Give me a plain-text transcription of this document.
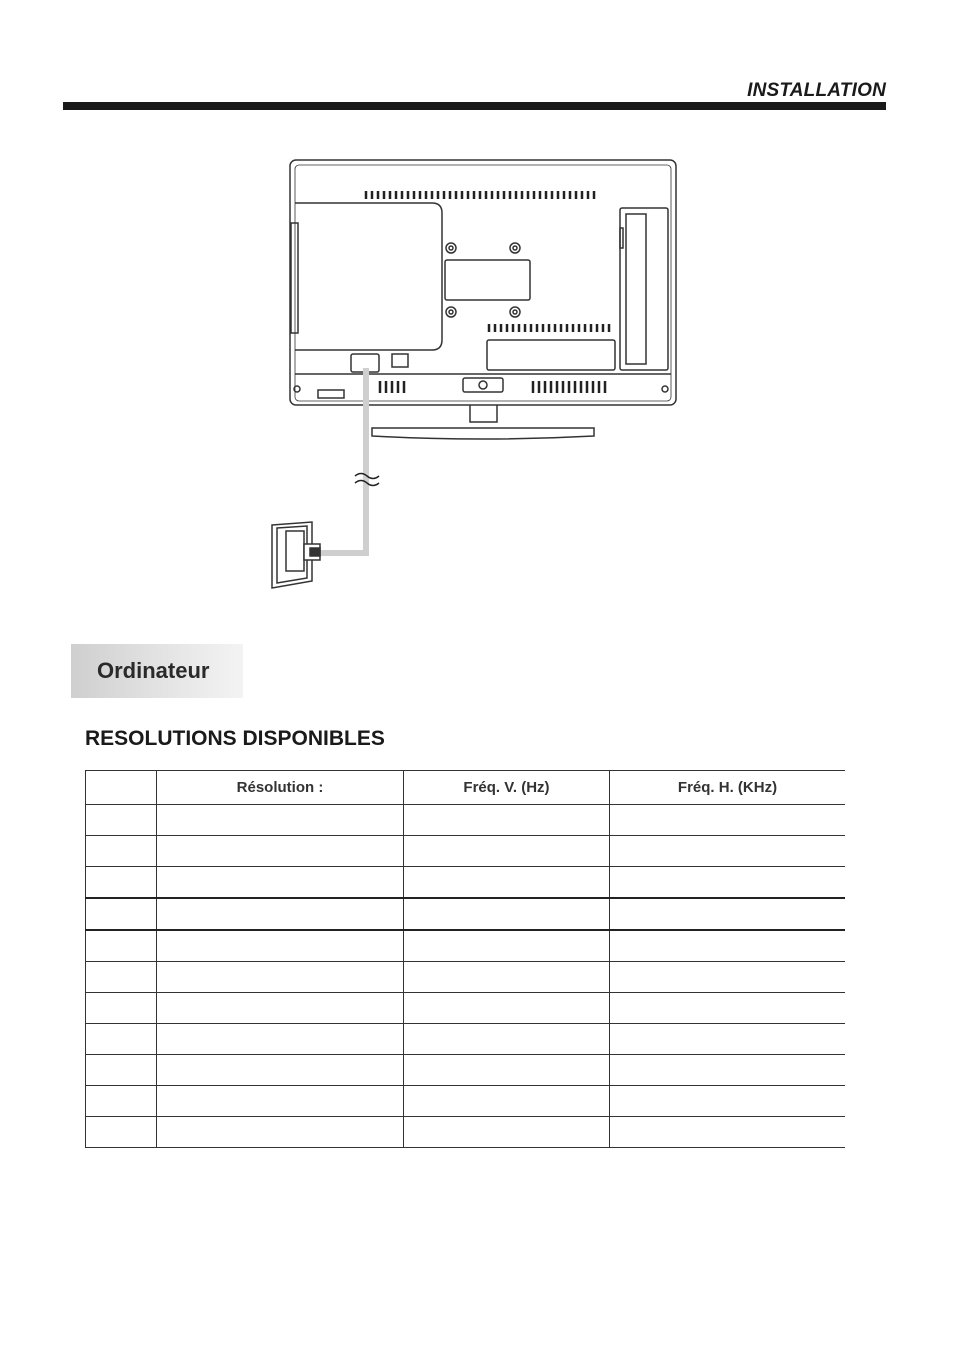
INSTALLATION
Ordinateur
RESOLUTIONS DISPONIBLES
	Résolution :	Fréq. V. (Hz)	Fréq. H. (KHz)
